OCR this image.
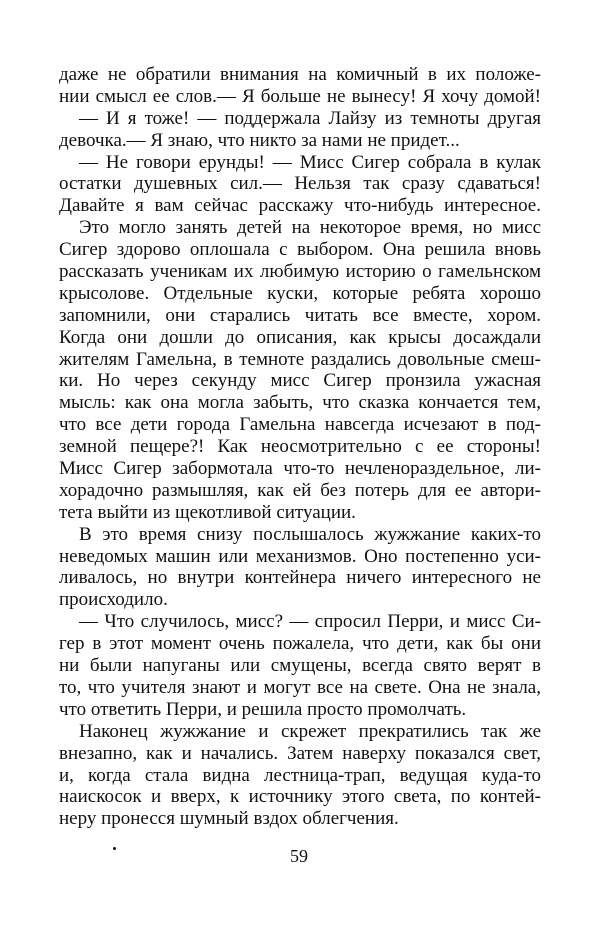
даже не обратили внимания на комичный в их положе-
нии смысл ее слов.— Я больше не вынесу! Я хочу домой!
— И я тоже! — поддержала Лайзу из темноты другая
девочка.— Я знаю, что никто за нами не придет...
— Не говори ерунды! — Мисс Сигер собрала в кулак
остатки душевных сил.— Нельзя так сразу сдаваться!
Давайте я вам сейчас расскажу что-нибудь интересное.
Это могло занять детей на некоторое время, но мисс
Сигер здорово оплошала с выбором. Она решила вновь
рассказать ученикам их любимую историю о гамельнском
крысолове. Отдельные куски, которые ребята хорошо
запомнили, они старались читать все вместе, хором.
Когда они дошли до описания, как крысы досаждали
жителям Гамельна, в темноте раздались довольные смеш-
ки. Но через секунду мисс Сигер пронзила ужасная
мысль: как она могла забыть, что сказка кончается тем,
что все дети города Гамельна навсегда исчезают в под-
земной пещере?! Как неосмотрительно с ее стороны!
Мисс Сигер забормотала что-то нечленораздельное, ли-
хорадочно размышляя, как ей без потерь для ее автори-
тета выйти из щекотливой ситуации.
В это время снизу послышалось жужжание каких-то
неведомых машин или механизмов. Оно постепенно уси-
ливалось, но внутри контейнера ничего интересного не
происходило.
— Что случилось, мисс? — спросил Перри, и мисс Си-
гер в этот момент очень пожалела, что дети, как бы они
ни были напуганы или смущены, всегда свято верят в
то, что учителя знают и могут все на свете. Она не знала,
что ответить Перри, и решила просто промолчать.
Наконец жужжание и скрежет прекратились так же
внезапно, как и начались. Затем наверху показался свет,
и, когда стала видна лестница-трап, ведущая куда-то
наискосок и вверх, к источнику этого света, по контей-
неру пронесся шумный вздох облегчения.
59
